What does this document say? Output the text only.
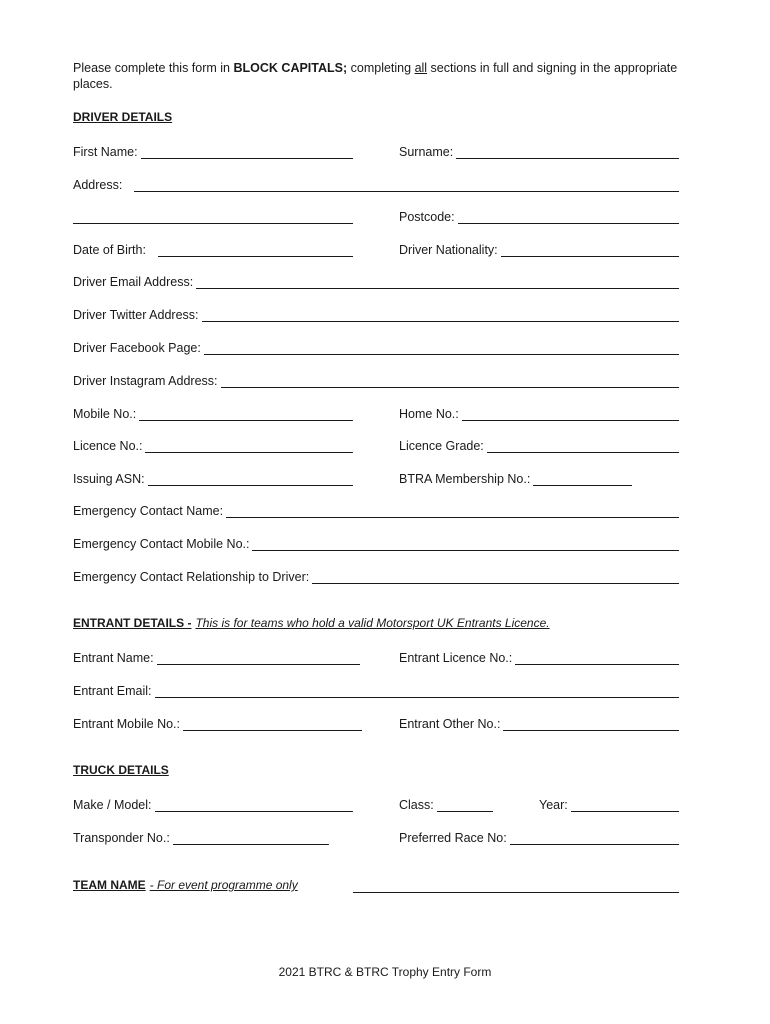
Please complete this form in BLOCK CAPITALS; completing all sections in full and signing in the appropriate places.
DRIVER DETAILS
First Name:	Surname:
Address:
Postcode:
Date of Birth:	Driver Nationality:
Driver Email Address:
Driver Twitter Address:
Driver Facebook Page:
Driver Instagram Address:
Mobile No.:	Home No.:
Licence No.:	Licence Grade:
Issuing ASN:	BTRA Membership No.:
Emergency Contact Name:
Emergency Contact Mobile No.:
Emergency Contact Relationship to Driver:
ENTRANT DETAILS - This is for teams who hold a valid Motorsport UK Entrants Licence.
Entrant Name:	Entrant Licence No.:
Entrant Email:
Entrant Mobile No.:	Entrant Other No.:
TRUCK DETAILS
Make / Model:	Class:	Year:
Transponder No.:	Preferred Race No:
TEAM NAME - For event programme only
2021 BTRC & BTRC Trophy Entry Form
